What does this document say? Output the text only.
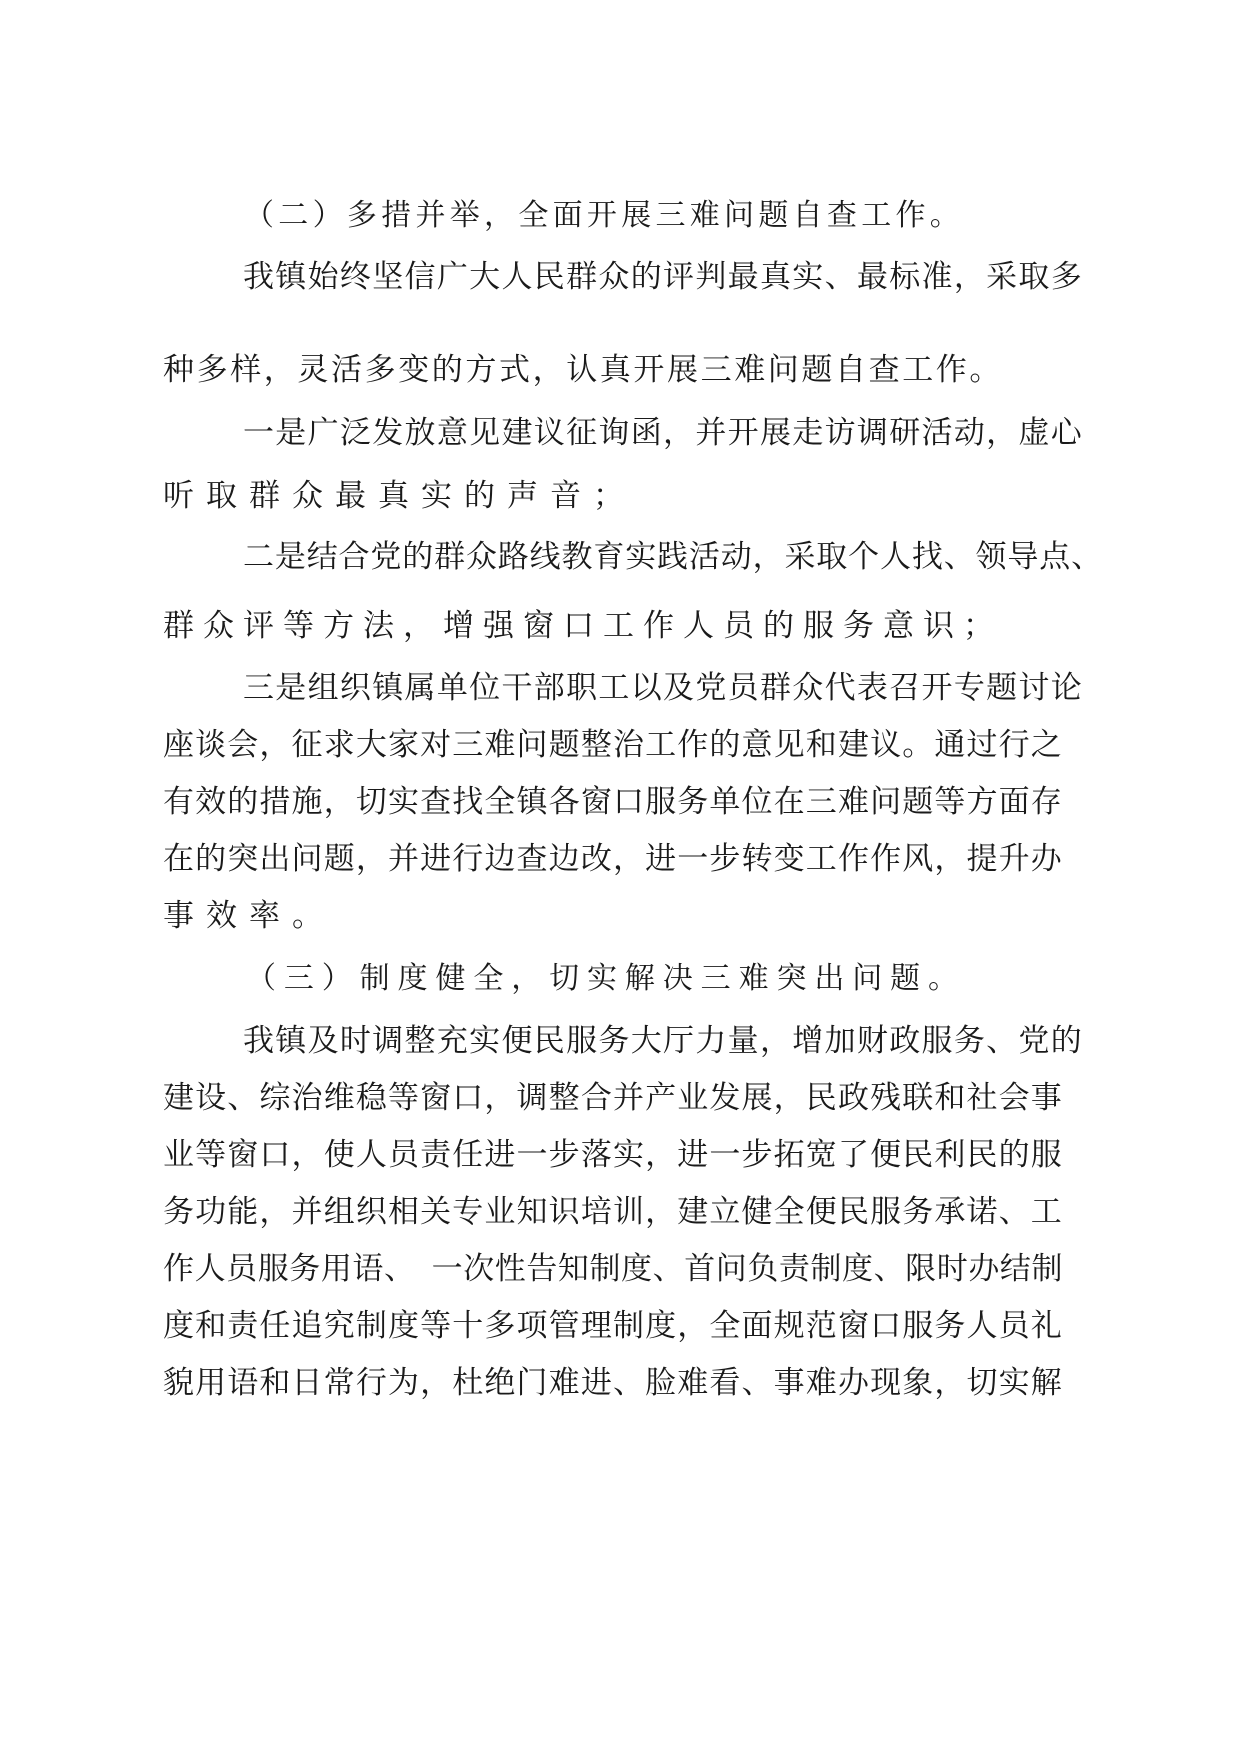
（二）多措并举，全面开展三难问题自查工作。
我镇始终坚信广大人民群众的评判最真实、最标准，采取多
种多样，灵活多变的方式，认真开展三难问题自查工作。
一是广泛发放意见建议征询函，并开展走访调研活动，虚心
听取群众最真实的声音；
二是结合党的群众路线教育实践活动，采取个人找、领导点、
群众评等方法，增强窗口工作人员的服务意识；
三是组织镇属单位干部职工以及党员群众代表召开专题讨论
座谈会，征求大家对三难问题整治工作的意见和建议。通过行之
有效的措施，切实查找全镇各窗口服务单位在三难问题等方面存
在的突出问题，并进行边查边改，进一步转变工作作风，提升办
事效率。
（三）制度健全，切实解决三难突出问题。
我镇及时调整充实便民服务大厅力量，增加财政服务、党的
建设、综治维稳等窗口，调整合并产业发展，民政残联和社会事
业等窗口，使人员责任进一步落实，进一步拓宽了便民利民的服
务功能，并组织相关专业知识培训，建立健全便民服务承诺、工
作人员服务用语、　一次性告知制度、首问负责制度、限时办结制
度和责任追究制度等十多项管理制度，全面规范窗口服务人员礼
貌用语和日常行为，杜绝门难进、脸难看、事难办现象，切实解
